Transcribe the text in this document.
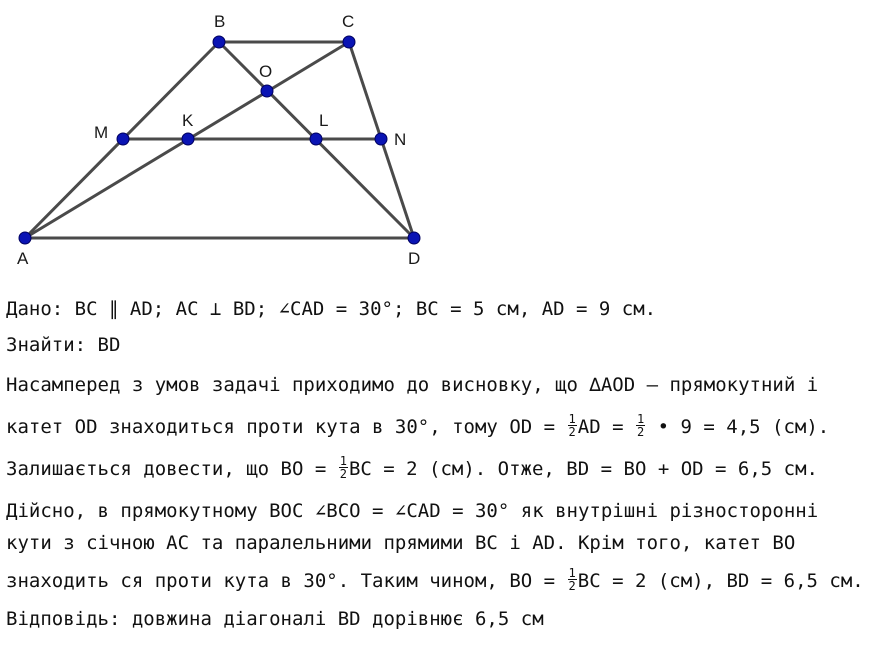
A
B	C
D
M	N
O
K	L
Дано: BC ∥ AD; AC ⊥ BD; ∠CAD = 30°; BC = 5 см, AD = 9 см.
Знайти: BD
Насамперед з умов задачі приходимо до висновку, що ∆AOD – прямокутний і
катет OD знаходиться проти кута в 30°, тому OD = $\frac{1}{2}$ AD = $\frac{1}{2}$ • 9 = 4,5 (см).
Залишається довести, що BO = $\frac{1}{2}$ BC = 2 (см). Отже, BD = BO + OD = 6,5 см.
Дійсно, в прямокутному BOC ∠BCO = ∠CAD = 30° як внутрішні різносторонні
кути з січною AC та паралельними прямими BC і AD. Крім того, катет BO
знаходить ся проти кута в 30°. Таким чином, BO = $\frac{1}{2}$ BC = 2 (см), BD = 6,5 см.
Відповідь: довжина діагоналі BD дорівнює 6,5 см
